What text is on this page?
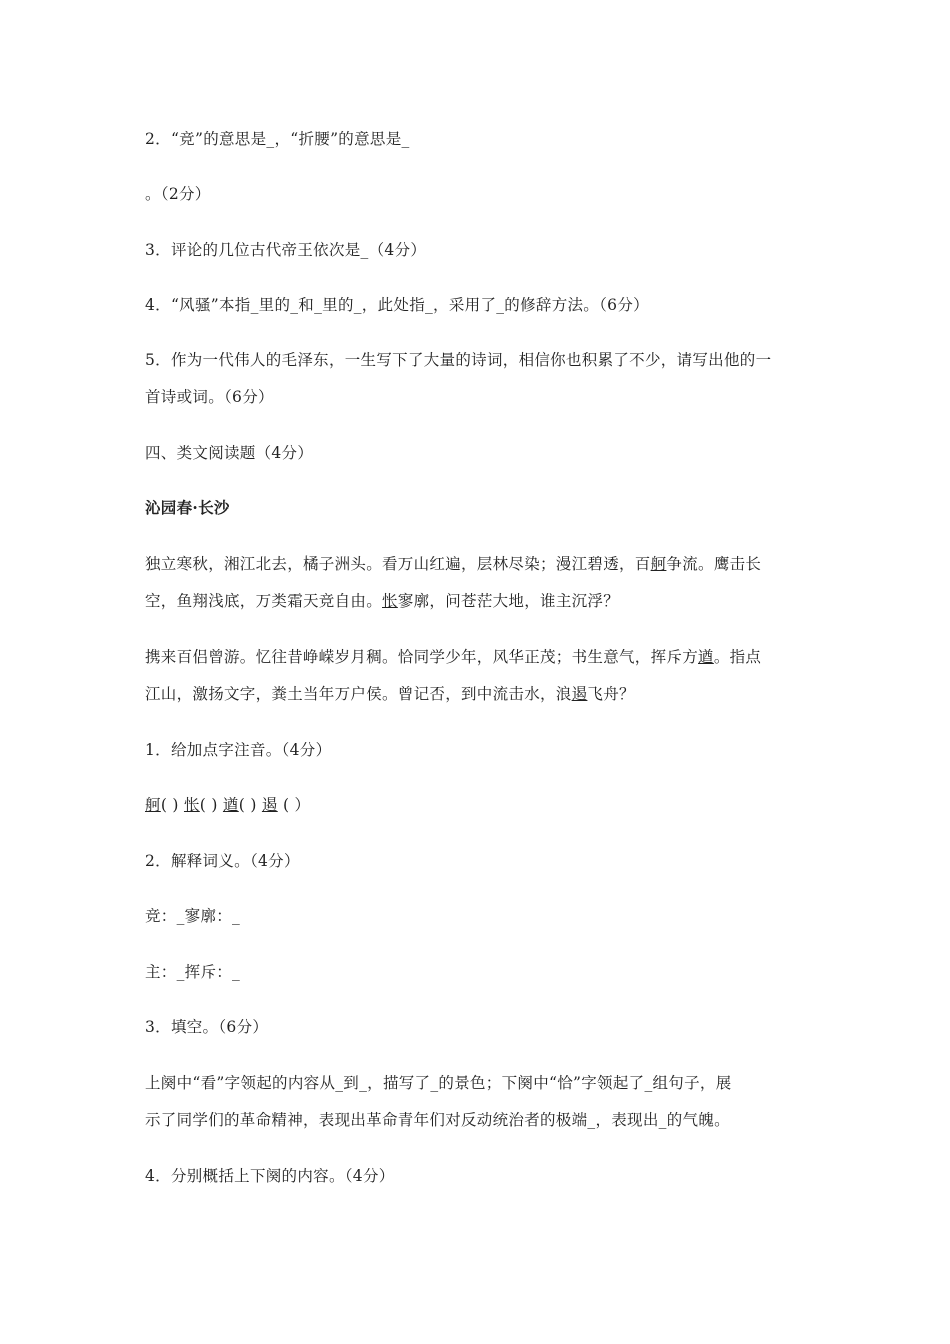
2．“竞”的意思是_，“折腰”的意思是_
。（2分）
3．评论的几位古代帝王依次是_（4分）
4．“风骚”本指_里的_和_里的_，此处指_，采用了_的修辞方法。（6分）
5．作为一代伟人的毛泽东，一生写下了大量的诗词，相信你也积累了不少，请写出他的一
首诗或词。（6分）
四、类文阅读题（4分）
沁园春·长沙
独立寒秋，湘江北去，橘子洲头。看万山红遍，层林尽染；漫江碧透，百舸争流。鹰击长
空，鱼翔浅底，万类霜天竞自由。怅寥廓，问苍茫大地，谁主沉浮？
携来百侣曾游。忆往昔峥嵘岁月稠。恰同学少年，风华正茂；书生意气，挥斥方遒。指点
江山，激扬文字，粪土当年万户侯。曾记否，到中流击水，浪遏飞舟？
1．给加点字注音。（4分）
舸( ) 怅( ) 遒( ) 遏 ( ）
2．解释词义。（4分）
竞：_寥廓：_
主：_挥斥：_
3．填空。（6分）
上阕中“看”字领起的内容从_到_，描写了_的景色；下阕中“恰”字领起了_组句子，展
示了同学们的革命精神，表现出革命青年们对反动统治者的极端_，表现出_的气魄。
4．分别概括上下阕的内容。（4分）
